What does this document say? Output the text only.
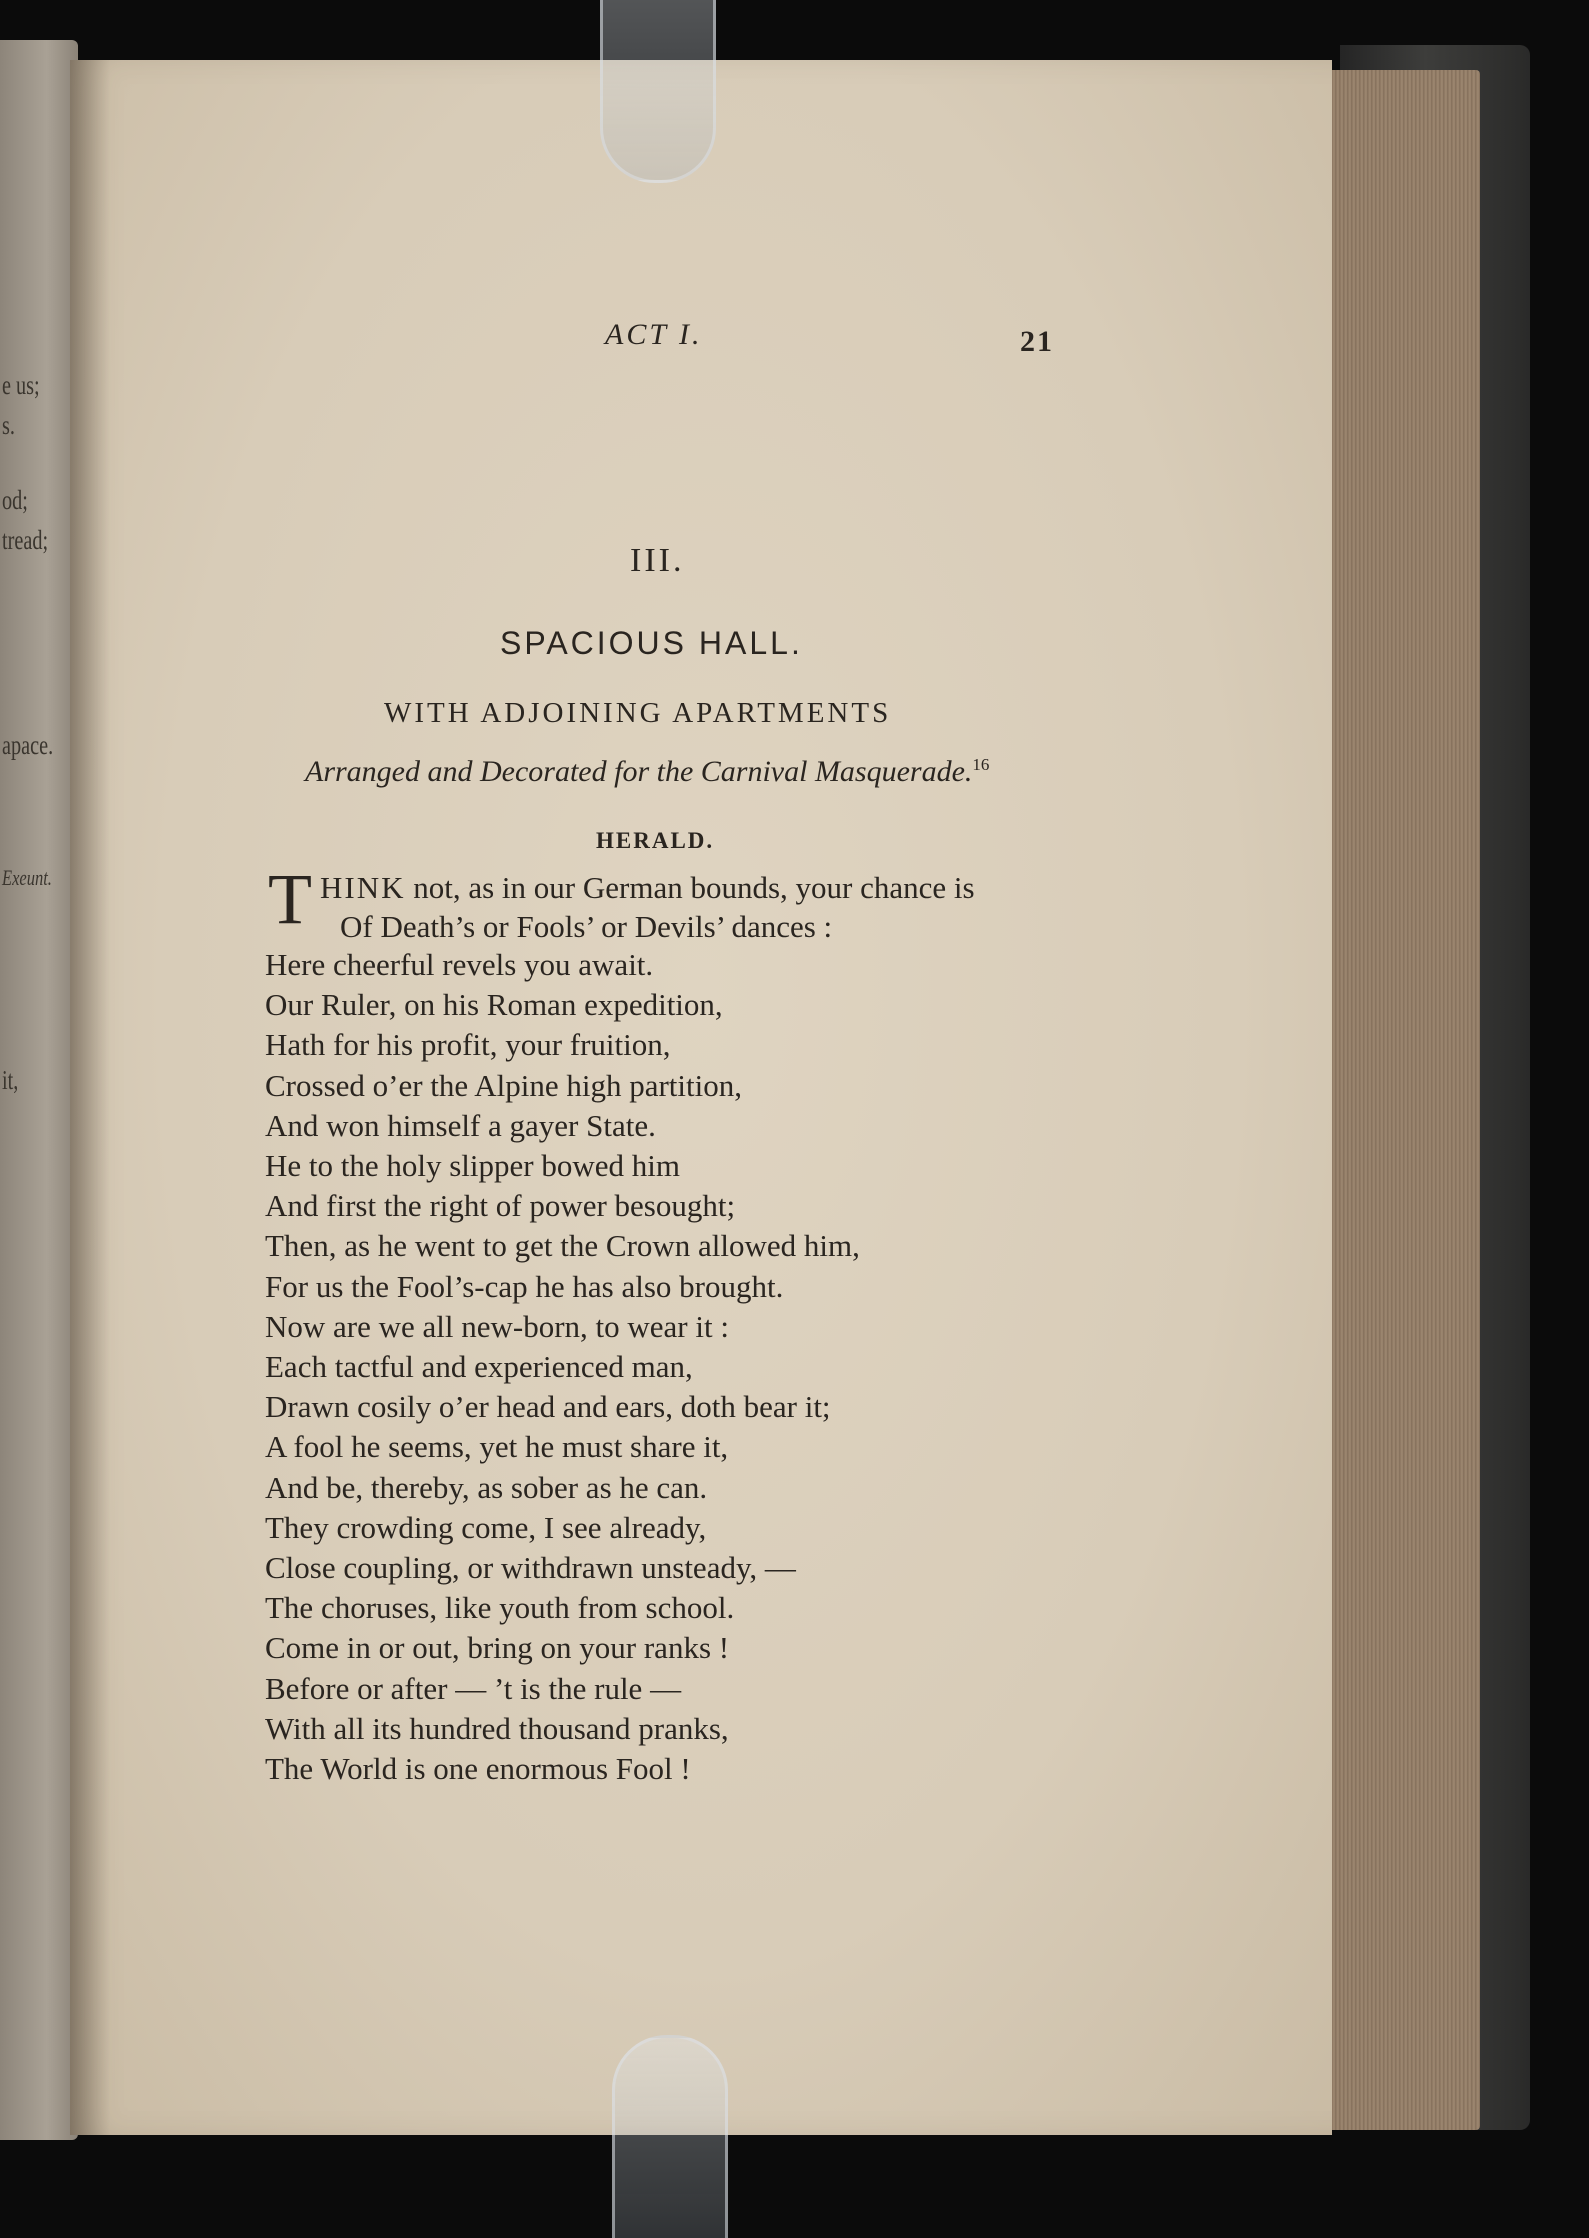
e us;
s.
od;
tread;
apace.
Exeunt.
it,
ACT I.	21
III.
SPACIOUS HALL.
WITH ADJOINING APARTMENTS
Arranged and Decorated for the Carnival Masquerade.$^{16}$
HERALD.
T HINK not, as in our German bounds, your chance is
Of Death’s or Fools’ or Devils’ dances :
Here cheerful revels you await.
Our Ruler, on his Roman expedition,
Hath for his profit, your fruition,
Crossed o’er the Alpine high partition,
And won himself a gayer State.
He to the holy slipper bowed him
And first the right of power besought;
Then, as he went to get the Crown allowed him,
For us the Fool’s-cap he has also brought.
Now are we all new-born, to wear it :
Each tactful and experienced man,
Drawn cosily o’er head and ears, doth bear it;
A fool he seems, yet he must share it,
And be, thereby, as sober as he can.
They crowding come, I see already,
Close coupling, or withdrawn unsteady, —
The choruses, like youth from school.
Come in or out, bring on your ranks !
Before or after — ’t is the rule —
With all its hundred thousand pranks,
The World is one enormous Fool !
